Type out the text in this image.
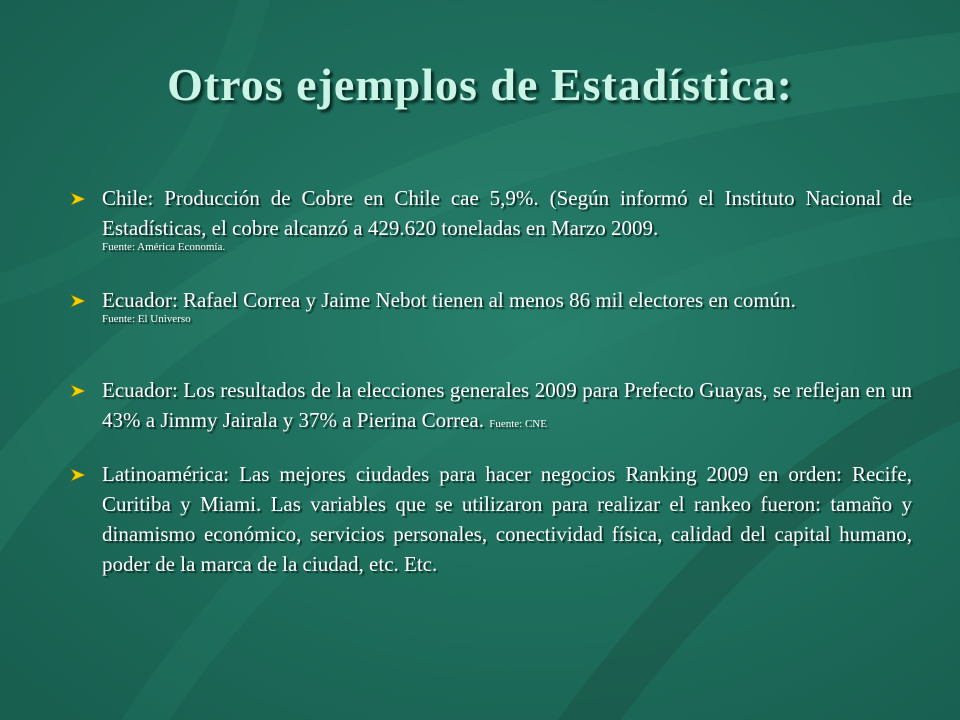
Otros ejemplos de Estadística:
Chile: Producción de Cobre en Chile cae 5,9%. (Según informó el Instituto Nacional de Estadísticas, el cobre alcanzó a 429.620 toneladas en Marzo 2009.
Fuente: América Economía.
Ecuador: Rafael Correa y Jaime Nebot tienen al menos 86 mil electores en común.
Fuente: El Universo
Ecuador: Los resultados de la elecciones generales 2009 para Prefecto Guayas, se reflejan en un 43% a Jimmy Jairala y 37% a Pierina Correa. Fuente: CNE
Latinoamérica: Las mejores ciudades para hacer negocios Ranking 2009 en orden: Recife, Curitiba y Miami. Las variables que se utilizaron para realizar el rankeo fueron: tamaño y dinamismo económico, servicios personales, conectividad física, calidad del capital humano, poder de la marca de la ciudad, etc. Etc.
